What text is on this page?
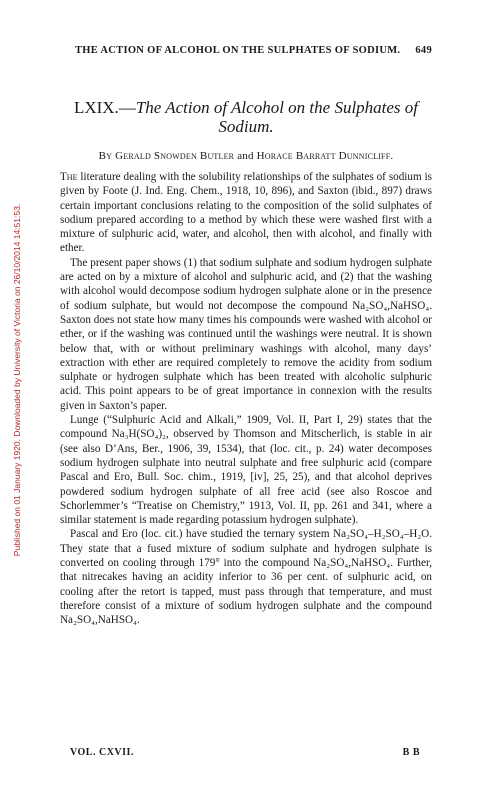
THE ACTION OF ALCOHOL ON THE SULPHATES OF SODIUM.	649
Published on 01 January 1920. Downloaded by University of Victoria on 26/10/2014 14:51:53.
LXIX.—The Action of Alcohol on the Sulphates of Sodium.
By Gerald Snowden Butler and Horace Barratt Dunnicliff.

The literature dealing with the solubility relationships of the sulphates of sodium is given by Foote (J. Ind. Eng. Chem., 1918, 10, 896), and Saxton (ibid., 897) draws certain important conclusions relating to the composition of the solid sulphates of sodium prepared according to a method by which these were washed first with a mixture of sulphuric acid, water, and alcohol, then with alcohol, and finally with ether.

The present paper shows (1) that sodium sulphate and sodium hydrogen sulphate are acted on by a mixture of alcohol and sulphuric acid, and (2) that the washing with alcohol would decompose sodium hydrogen sulphate alone or in the presence of sodium sulphate, but would not decompose the compound Na₂SO₄,NaHSO₄. Saxton does not state how many times his compounds were washed with alcohol or ether, or if the washing was continued until the washings were neutral. It is shown below that, with or without preliminary washings with alcohol, many days’ extraction with ether are required completely to remove the acidity from sodium sulphate or hydrogen sulphate which has been treated with alcoholic sulphuric acid. This point appears to be of great importance in connexion with the results given in Saxton’s paper.

Lunge (“Sulphuric Acid and Alkali,” 1909, Vol. II, Part I, 29) states that the compound Na₃H(SO₄)₂, observed by Thomson and Mitscherlich, is stable in air (see also D’Ans, Ber., 1906, 39, 1534), that (loc. cit., p. 24) water decomposes sodium hydrogen sulphate into neutral sulphate and free sulphuric acid (compare Pascal and Ero, Bull. Soc. chim., 1919, [iv], 25, 25), and that alcohol deprives powdered sodium hydrogen sulphate of all free acid (see also Roscoe and Schorlemmer’s “Treatise on Chemistry,” 1913, Vol. II, pp. 261 and 341, where a similar statement is made regarding potassium hydrogen sulphate).

Pascal and Ero (loc. cit.) have studied the ternary system Na₂SO₄–H₂SO₄–H₂O. They state that a fused mixture of sodium sulphate and hydrogen sulphate is converted on cooling through 179° into the compound Na₂SO₄,NaHSO₄. Further, that nitrecakes having an acidity inferior to 36 per cent. of sulphuric acid, on cooling after the retort is tapped, must pass through that temperature, and must therefore consist of a mixture of sodium hydrogen sulphate and the compound Na₂SO₄,NaHSO₄.

VOL. CXVII.	B B
